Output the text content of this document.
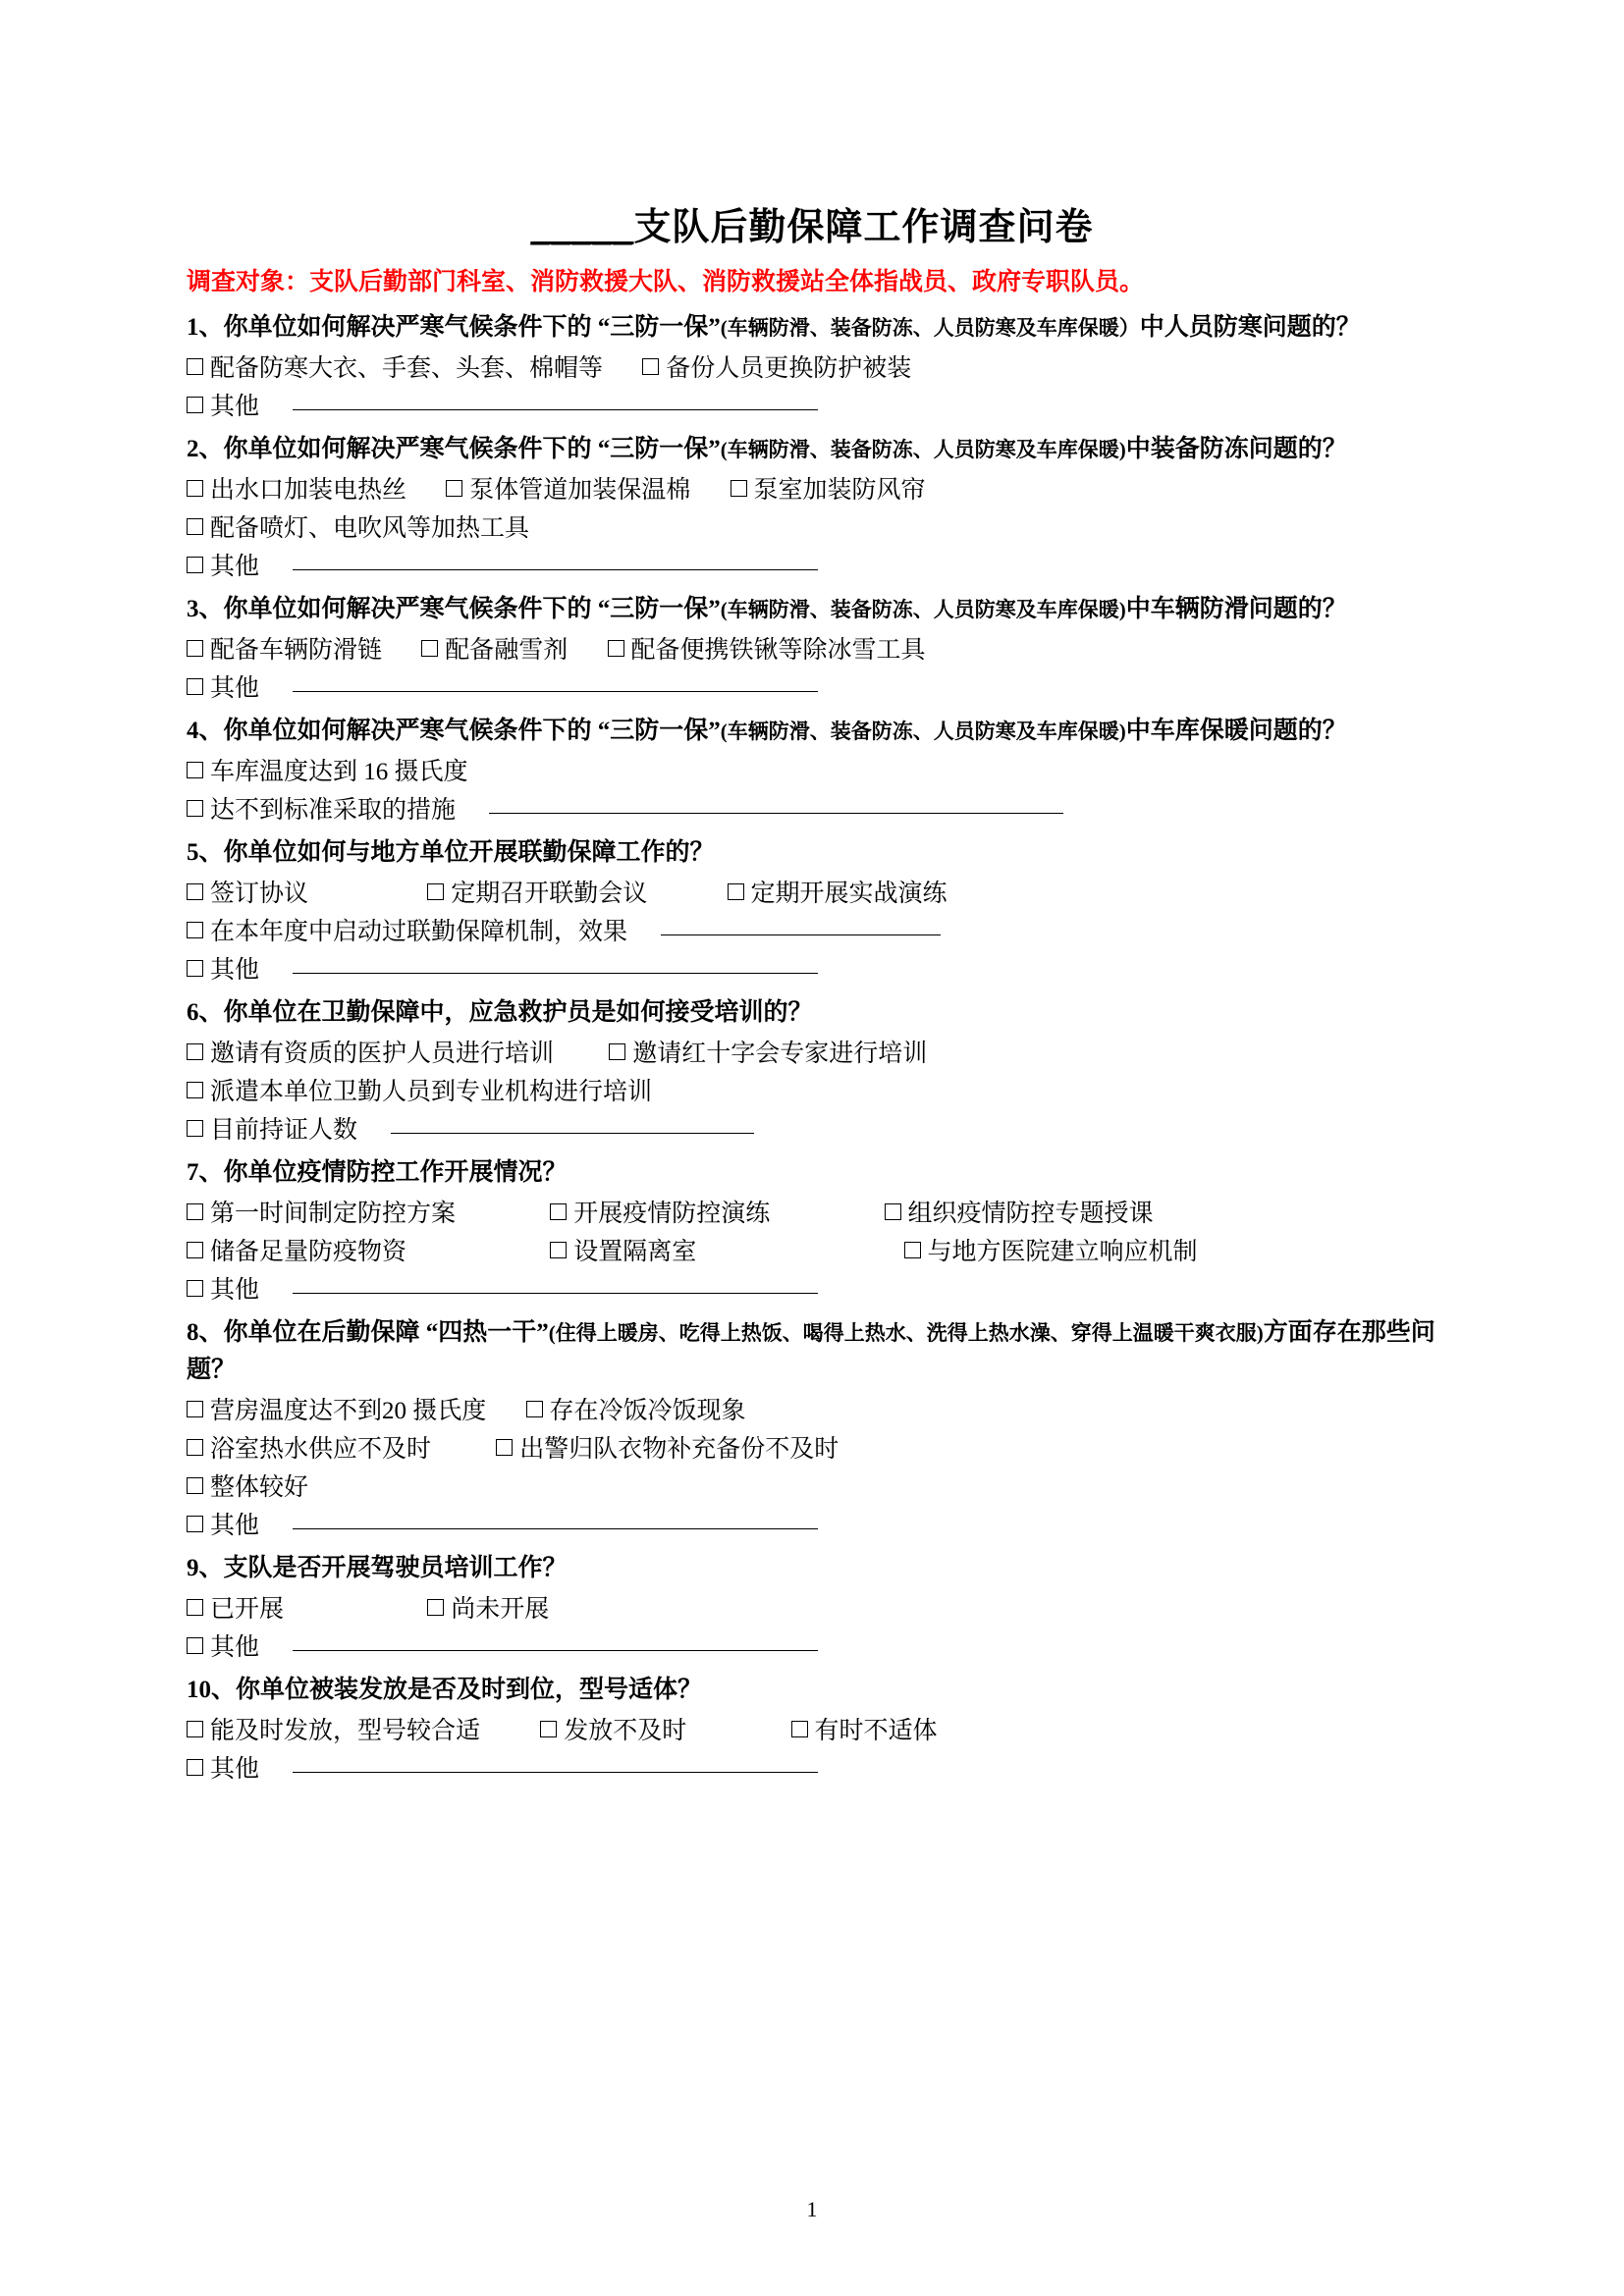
_____支队后勤保障工作调查问卷
调查对象：支队后勤部门科室、消防救援大队、消防救援站全体指战员、政府专职队员。
1、你单位如何解决严寒气候条件下的 “三防一保”(车辆防滑、装备防冻、人员防寒及车库保暖）中人员防寒问题的？
配备防寒大衣、手套、头套、棉帽等	备份人员更换防护被装
其他
2、你单位如何解决严寒气候条件下的 “三防一保”(车辆防滑、装备防冻、人员防寒及车库保暖)中装备防冻问题的？
出水口加装电热丝	泵体管道加装保温棉	泵室加装防风帘
配备喷灯、电吹风等加热工具
其他
3、你单位如何解决严寒气候条件下的 “三防一保”(车辆防滑、装备防冻、人员防寒及车库保暖)中车辆防滑问题的？
配备车辆防滑链	配备融雪剂	配备便携铁锹等除冰雪工具
其他
4、你单位如何解决严寒气候条件下的 “三防一保”(车辆防滑、装备防冻、人员防寒及车库保暖)中车库保暖问题的？
车库温度达到 16 摄氏度
达不到标准采取的措施
5、你单位如何与地方单位开展联勤保障工作的？
签订协议	定期召开联勤会议	定期开展实战演练
在本年度中启动过联勤保障机制，效果
其他
6、你单位在卫勤保障中，应急救护员是如何接受培训的？
邀请有资质的医护人员进行培训	邀请红十字会专家进行培训
派遣本单位卫勤人员到专业机构进行培训
目前持证人数
7、你单位疫情防控工作开展情况？
第一时间制定防控方案	开展疫情防控演练	组织疫情防控专题授课
储备足量防疫物资	设置隔离室	与地方医院建立响应机制
其他
8、你单位在后勤保障 “四热一干”(住得上暖房、吃得上热饭、喝得上热水、洗得上热水澡、穿得上温暖干爽衣服)方面存在那些问题？
营房温度达不到20 摄氏度	存在冷饭冷饭现象
浴室热水供应不及时	出警归队衣物补充备份不及时
整体较好
其他
9、支队是否开展驾驶员培训工作？
已开展	尚未开展
其他
10、你单位被装发放是否及时到位，型号适体？
能及时发放，型号较合适	发放不及时	有时不适体
其他
1
